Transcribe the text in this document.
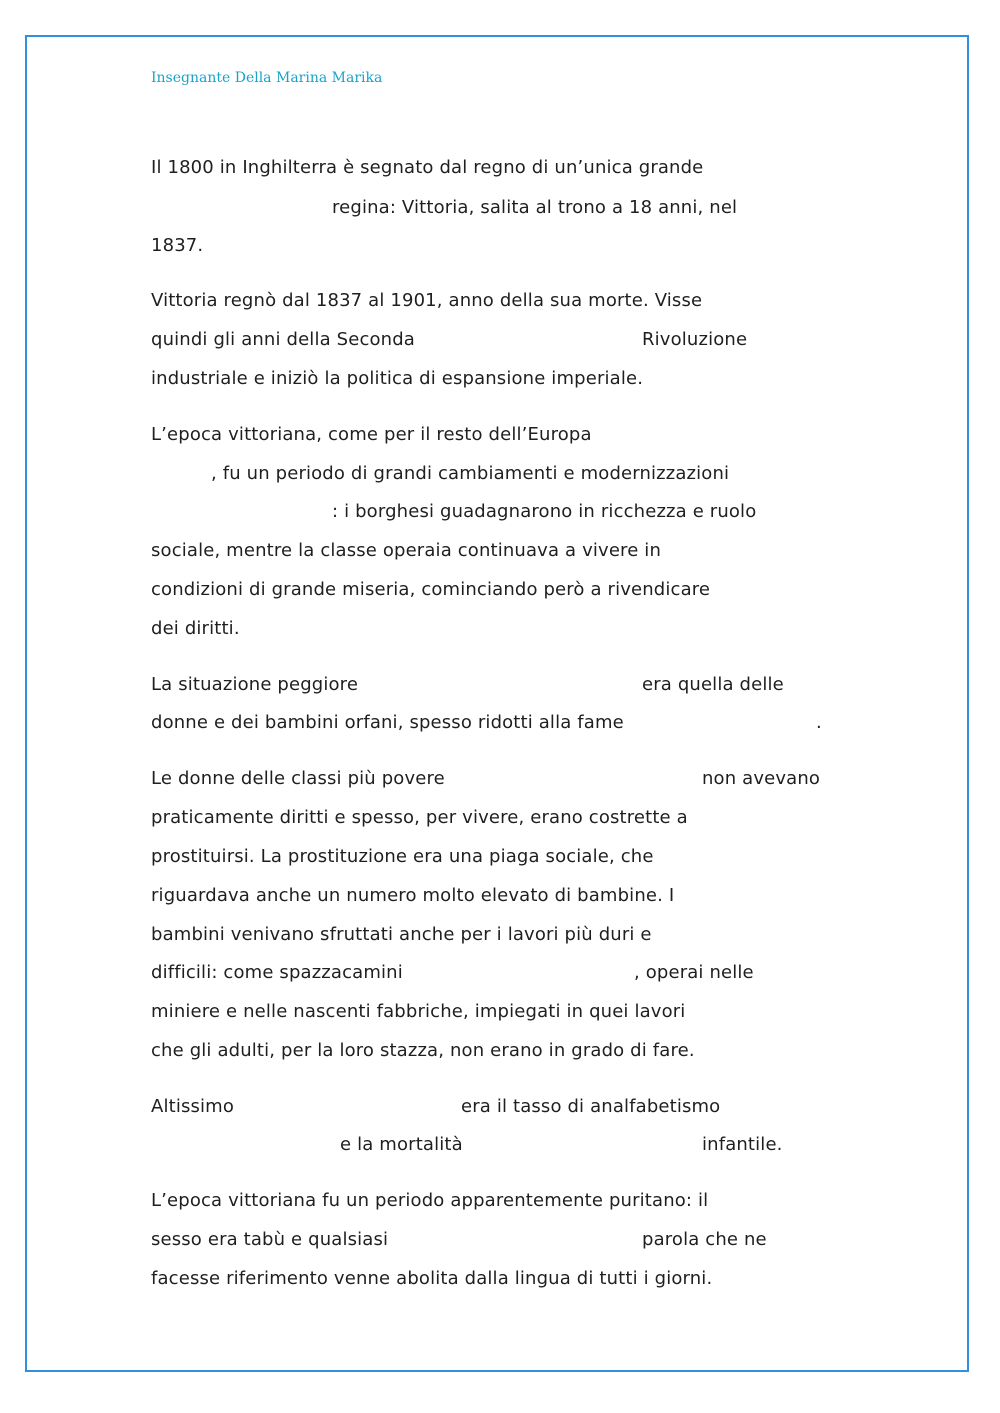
Insegnante Della Marina Marika
Il 1800 in Inghilterra è segnato dal regno di un’unica grande
regina: Vittoria, salita al trono a 18 anni, nel
1837.
Vittoria regnò dal 1837 al 1901, anno della sua morte. Visse
quindi gli anni della Seconda	Rivoluzione
industriale e iniziò la politica di espansione imperiale.
L’epoca vittoriana, come per il resto dell’Europa
, fu un periodo di grandi cambiamenti e modernizzazioni
: i borghesi guadagnarono in ricchezza e ruolo
sociale, mentre la classe operaia continuava a vivere in
condizioni di grande miseria, cominciando però a rivendicare
dei diritti.
La situazione peggiore	era quella delle
donne e dei bambini orfani, spesso ridotti alla fame	.
Le donne delle classi più povere	non avevano
praticamente diritti e spesso, per vivere, erano costrette a
prostituirsi. La prostituzione era una piaga sociale, che
riguardava anche un numero molto elevato di bambine. I
bambini venivano sfruttati anche per i lavori più duri e
difficili: come spazzacamini	, operai nelle
miniere e nelle nascenti fabbriche, impiegati in quei lavori
che gli adulti, per la loro stazza, non erano in grado di fare.
Altissimo	era il tasso di analfabetismo
e la mortalità	infantile.
L’epoca vittoriana fu un periodo apparentemente puritano: il
sesso era tabù e qualsiasi	parola che ne
facesse riferimento venne abolita dalla lingua di tutti i giorni.
